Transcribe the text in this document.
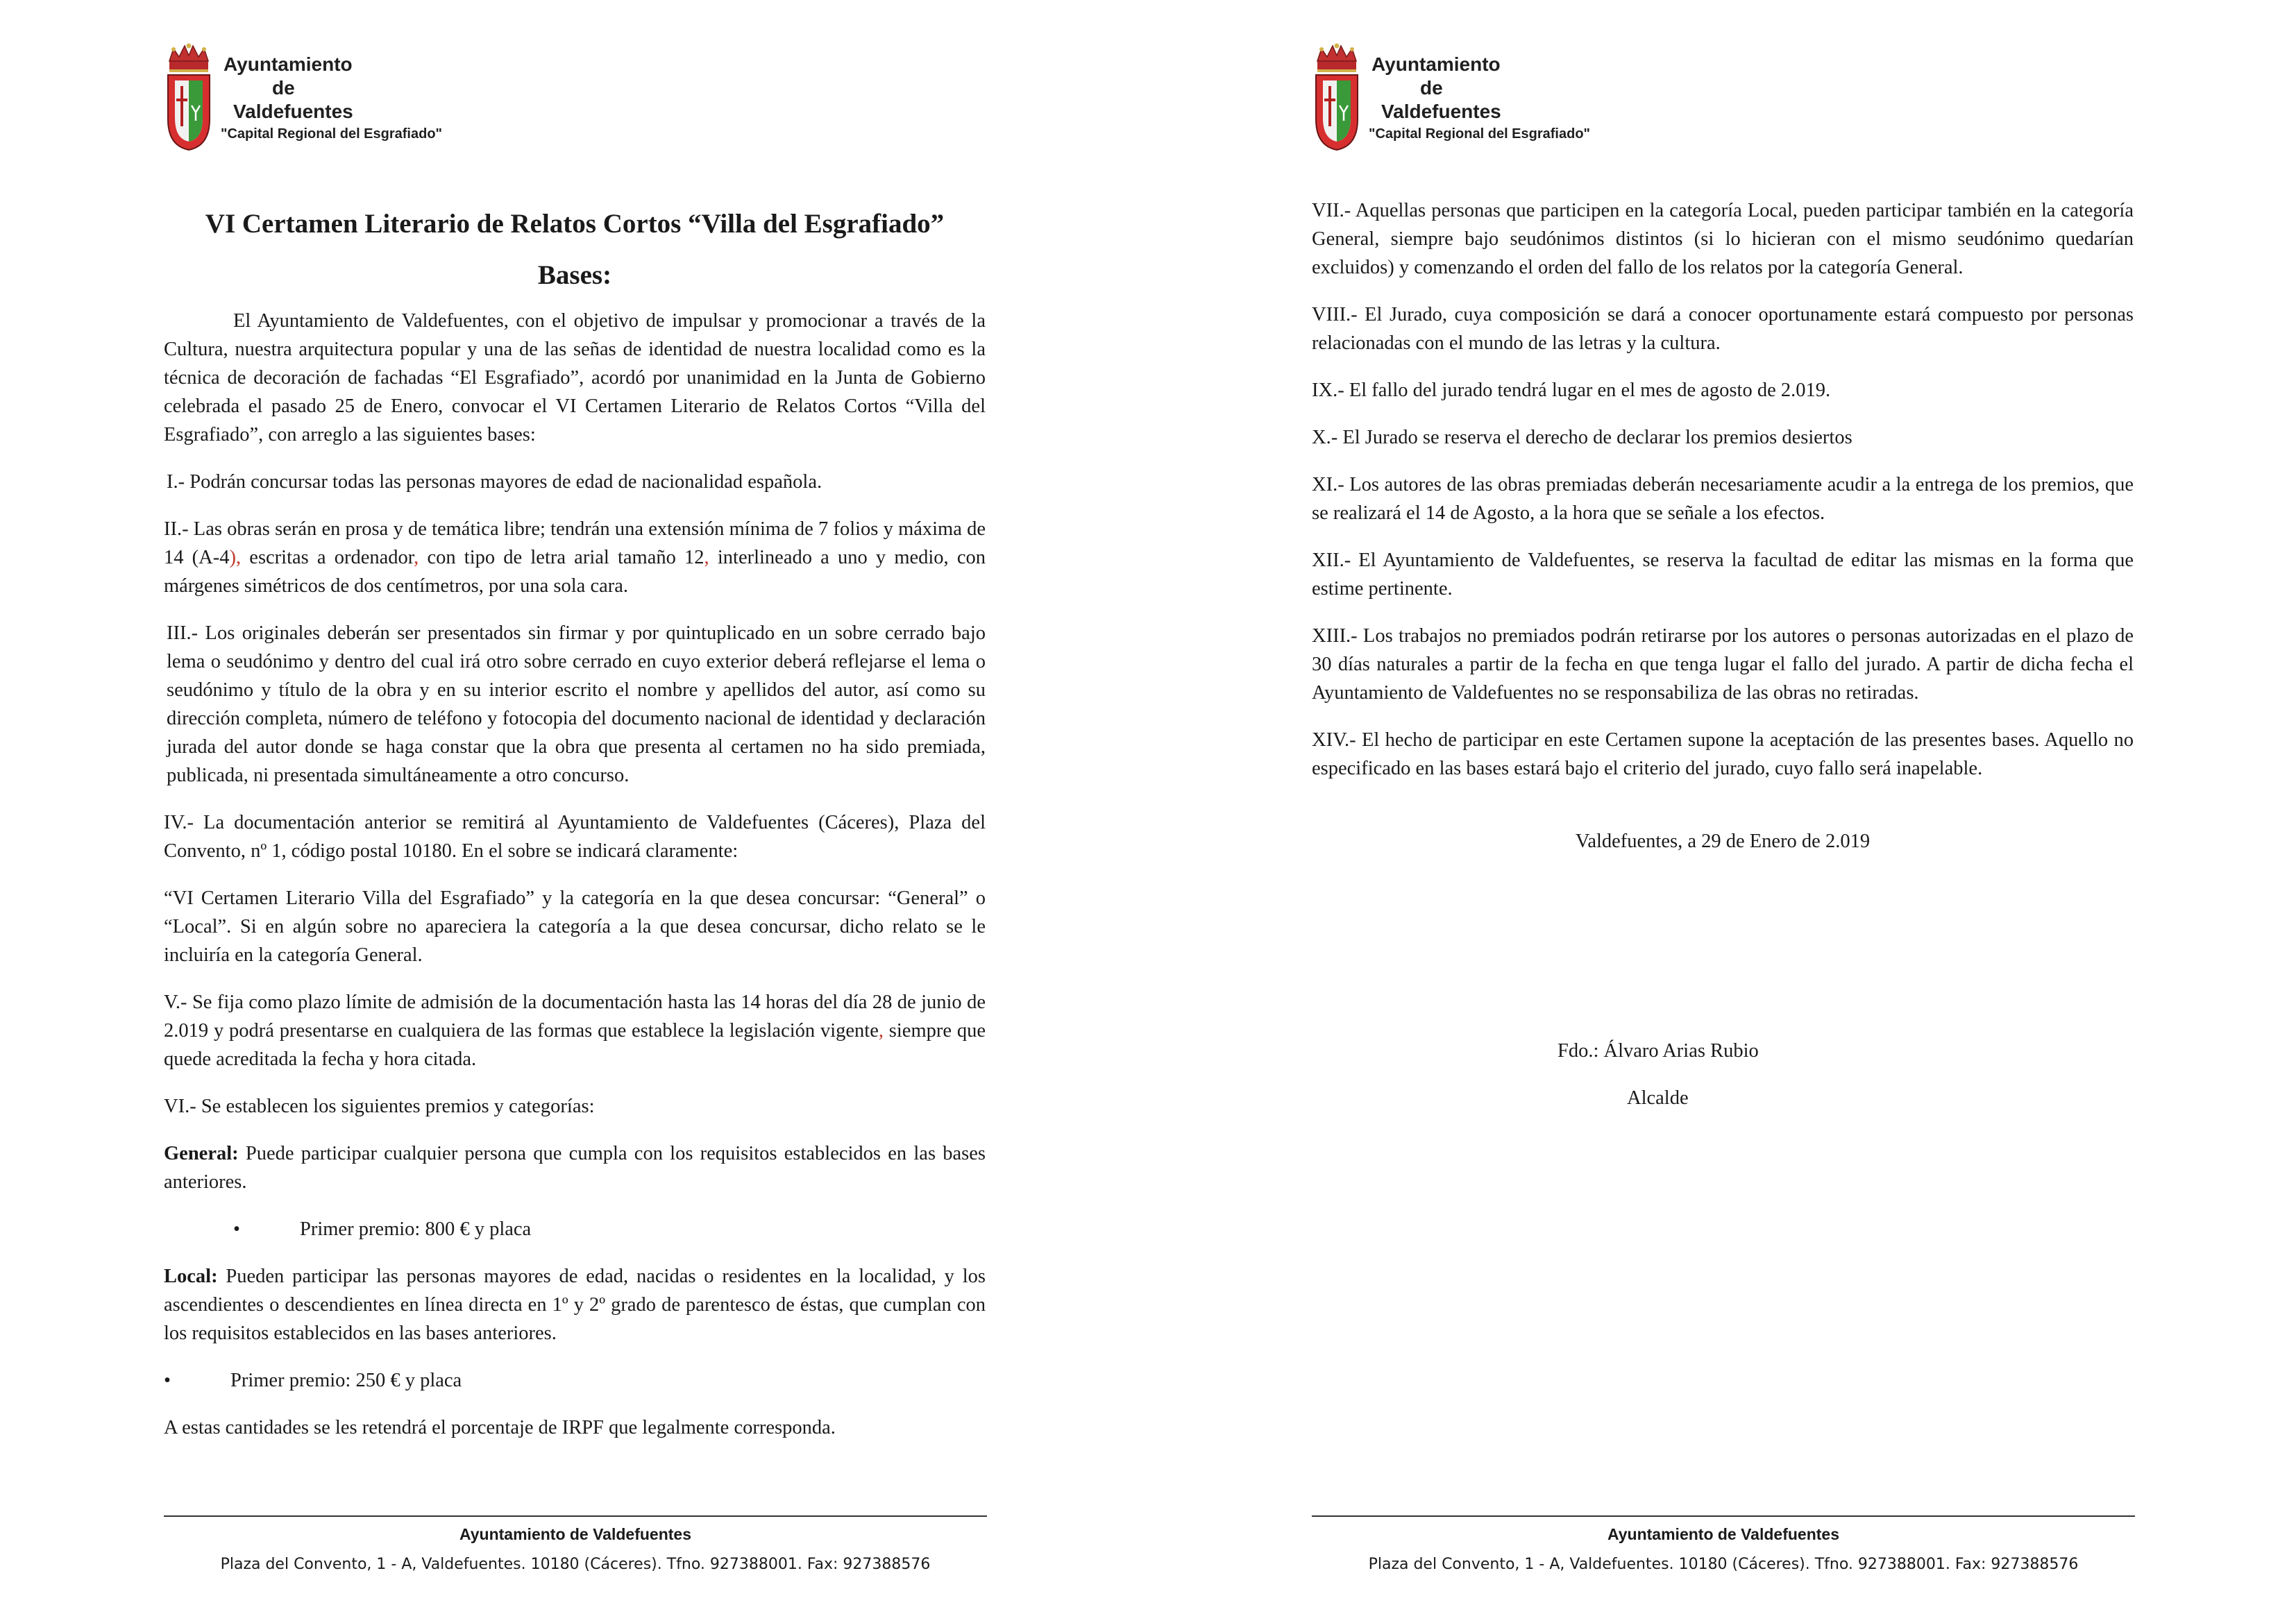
Ayuntamiento
de
Valdefuentes
"Capital Regional del Esgrafiado"
VI Certamen Literario de Relatos Cortos “Villa del Esgrafiado”
Bases:

El Ayuntamiento de Valdefuentes, con el objetivo de impulsar y promocionar a través de la Cultura, nuestra arquitectura popular y una de las señas de identidad de nuestra localidad como es la técnica de decoración de fachadas “El Esgrafiado”, acordó por unanimidad en la Junta de Gobierno celebrada el pasado 25 de Enero, convocar el VI Certamen Literario de Relatos Cortos “Villa del Esgrafiado”, con arreglo a las siguientes bases:

I.- Podrán concursar todas las personas mayores de edad de nacionalidad española.

II.- Las obras serán en prosa y de temática libre; tendrán una extensión mínima de 7 folios y máxima de 14 (A-4), escritas a ordenador, con tipo de letra arial tamaño 12, interlineado a uno y medio, con márgenes simétricos de dos centímetros, por una sola cara.

III.- Los originales deberán ser presentados sin firmar y por quintuplicado en un sobre cerrado bajo lema o seudónimo y dentro del cual irá otro sobre cerrado en cuyo exterior deberá reflejarse el lema o seudónimo y título de la obra y en su interior escrito el nombre y apellidos del autor, así como su dirección completa, número de teléfono y fotocopia del documento nacional de identidad y declaración jurada del autor donde se haga constar que la obra que presenta al certamen no ha sido premiada, publicada, ni presentada simultáneamente a otro concurso.

IV.- La documentación anterior se remitirá al Ayuntamiento de Valdefuentes (Cáceres), Plaza del Convento, nº 1, código postal 10180. En el sobre se indicará claramente:

“VI Certamen Literario Villa del Esgrafiado” y la categoría en la que desea concursar: “General” o “Local”. Si en algún sobre no apareciera la categoría a la que desea concursar, dicho relato se le incluiría en la categoría General.

V.- Se fija como plazo límite de admisión de la documentación hasta las 14 horas del día 28 de junio de 2.019 y podrá presentarse en cualquiera de las formas que establece la legislación vigente, siempre que quede acreditada la fecha y hora citada.

VI.- Se establecen los siguientes premios y categorías:

General: Puede participar cualquier persona que cumpla con los requisitos establecidos en las bases anteriores.

•	Primer premio: 800 € y placa

Local: Pueden participar las personas mayores de edad, nacidas o residentes en la localidad, y los ascendientes o descendientes en línea directa en 1º y 2º grado de parentesco de éstas, que cumplan con los requisitos establecidos en las bases anteriores.

•	Primer premio: 250 € y placa

A estas cantidades se les retendrá el porcentaje de IRPF que legalmente corresponda.

Ayuntamiento de Valdefuentes
Plaza del Convento, 1 - A, Valdefuentes. 10180 (Cáceres). Tfno. 927388001. Fax: 927388576
Ayuntamiento
de
Valdefuentes
"Capital Regional del Esgrafiado"

VII.- Aquellas personas que participen en la categoría Local, pueden participar también en la categoría General, siempre bajo seudónimos distintos (si lo hicieran con el mismo seudónimo quedarían excluidos) y comenzando el orden del fallo de los relatos por la categoría General.

VIII.- El Jurado, cuya composición se dará a conocer oportunamente estará compuesto por personas relacionadas con el mundo de las letras y la cultura.

IX.- El fallo del jurado tendrá lugar en el mes de agosto de 2.019.

X.- El Jurado se reserva el derecho de declarar los premios desiertos

XI.- Los autores de las obras premiadas deberán necesariamente acudir a la entrega de los premios, que se realizará el 14 de Agosto, a la hora que se señale a los efectos.

XII.- El Ayuntamiento de Valdefuentes, se reserva la facultad de editar las mismas en la forma que estime pertinente.

XIII.- Los trabajos no premiados podrán retirarse por los autores o personas autorizadas en el plazo de 30 días naturales a partir de la fecha en que tenga lugar el fallo del jurado. A partir de dicha fecha el Ayuntamiento de Valdefuentes no se responsabiliza de las obras no retiradas.

XIV.- El hecho de participar en este Certamen supone la aceptación de las presentes bases. Aquello no especificado en las bases estará bajo el criterio del jurado, cuyo fallo será inapelable.

Valdefuentes, a 29 de Enero de 2.019
Fdo.: Álvaro Arias Rubio
Alcalde
Ayuntamiento de Valdefuentes
Plaza del Convento, 1 - A, Valdefuentes. 10180 (Cáceres). Tfno. 927388001. Fax: 927388576
